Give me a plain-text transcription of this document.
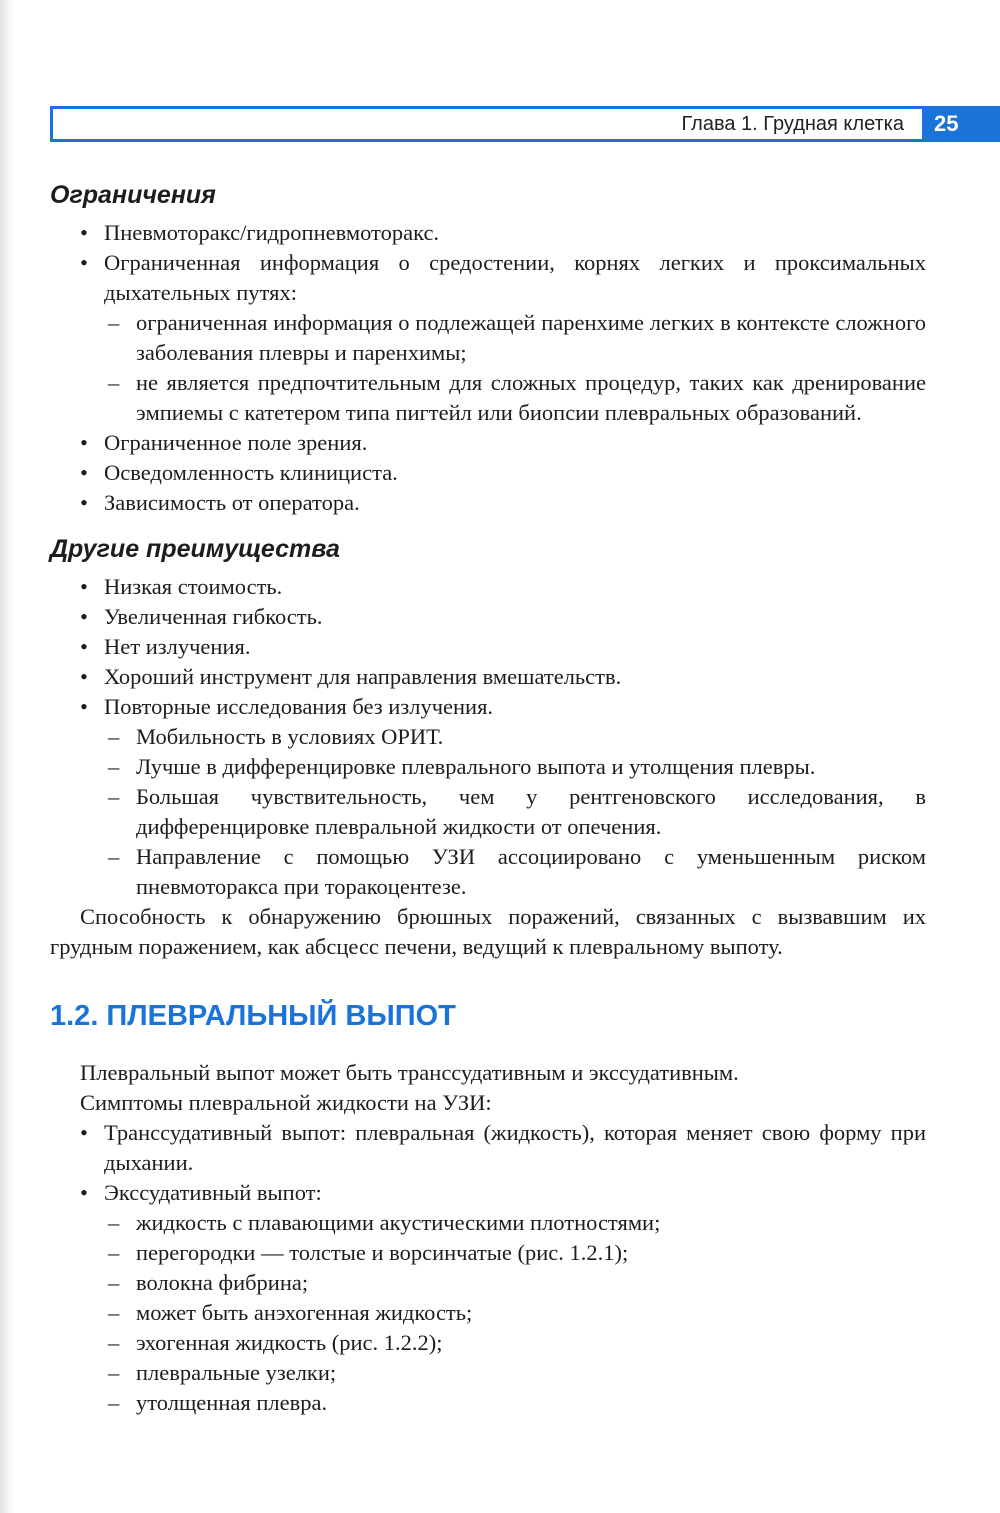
Глава 1. Грудная клетка	25
Ограничения
• Пневмоторакс/гидропневмоторакс.
• Ограниченная информация о средостении, корнях легких и проксимальных дыхательных путях:
– ограниченная информация о подлежащей паренхиме легких в контексте сложного заболевания плевры и паренхимы;
– не является предпочтительным для сложных процедур, таких как дренирование эмпиемы с катетером типа пигтейл или биопсии плевральных образований.
• Ограниченное поле зрения.
• Осведомленность клинициста.
• Зависимость от оператора.
Другие преимущества
• Низкая стоимость.
• Увеличенная гибкость.
• Нет излучения.
• Хороший инструмент для направления вмешательств.
• Повторные исследования без излучения.
– Мобильность в условиях ОРИТ.
– Лучше в дифференцировке плеврального выпота и утолщения плевры.
– Большая чувствительность, чем у рентгеновского исследования, в дифференцировке плевральной жидкости от опечения.
– Направление с помощью УЗИ ассоциировано с уменьшенным риском пневмоторакса при торакоцентезе.

Способность к обнаружению брюшных поражений, связанных с вызвавшим их грудным поражением, как абсцесс печени, ведущий к плевральному выпоту.

1.2. ПЛЕВРАЛЬНЫЙ ВЫПОТ

Плевральный выпот может быть транссудативным и экссудативным.

Симптомы плевральной жидкости на УЗИ:

• Транссудативный выпот: плевральная (жидкость), которая меняет свою форму при дыхании.
• Экссудативный выпот:
– жидкость с плавающими акустическими плотностями;
– перегородки — толстые и ворсинчатые (рис. 1.2.1);
– волокна фибрина;
– может быть анэхогенная жидкость;
– эхогенная жидкость (рис. 1.2.2);
– плевральные узелки;
– утолщенная плевра.
